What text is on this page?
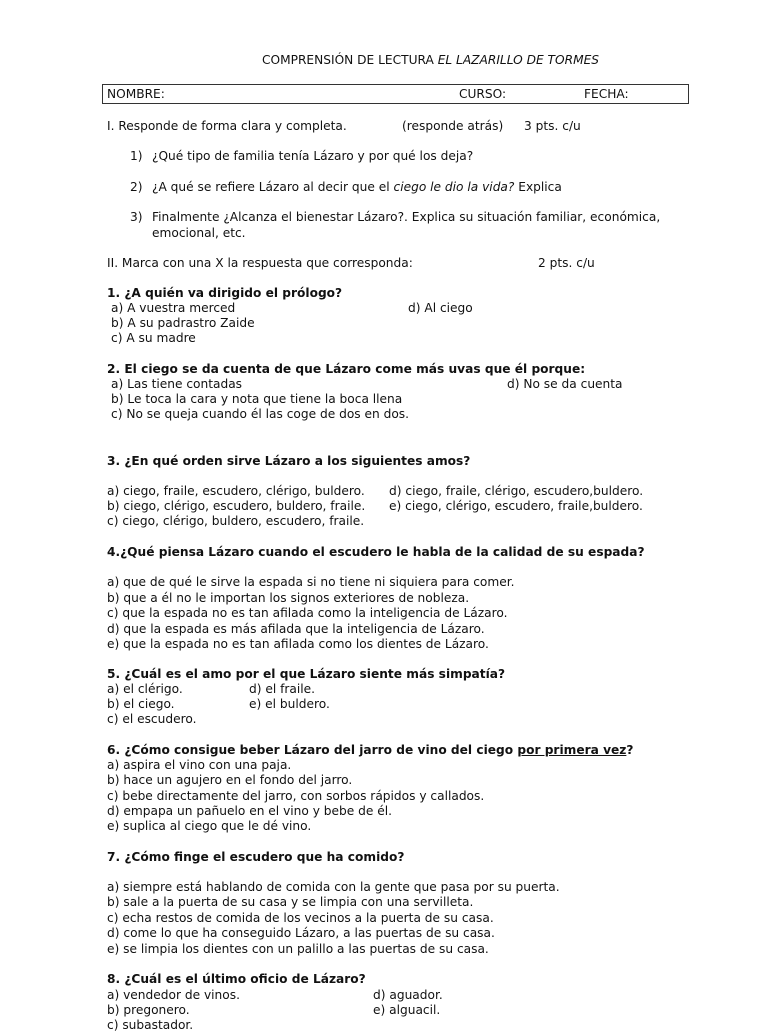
COMPRENSIÓN DE LECTURA EL LAZARILLO DE TORMES
NOMBRE:	CURSO:	FECHA:
I. Responde de forma clara y completa.	(responde atrás) 3 pts. c/u
1) ¿Qué tipo de familia tenía Lázaro y por qué los deja?
2) ¿A qué se refiere Lázaro al decir que el ciego le dio la vida? Explica
3) Finalmente ¿Alcanza el bienestar Lázaro?. Explica su situación familiar, económica,
emocional, etc.
II. Marca con una X la respuesta que corresponda:	2 pts. c/u
1. ¿A quién va dirigido el prólogo?
a) A vuestra merced	d) Al ciego
b) A su padrastro Zaide
c) A su madre
2. El ciego se da cuenta de que Lázaro come más uvas que él porque:
a) Las tiene contadas	d) No se da cuenta
b) Le toca la cara y nota que tiene la boca llena
c) No se queja cuando él las coge de dos en dos.
3. ¿En qué orden sirve Lázaro a los siguientes amos?
a) ciego, fraile, escudero, clérigo, buldero. d) ciego, fraile, clérigo, escudero,buldero.
b) ciego, clérigo, escudero, buldero, fraile. e) ciego, clérigo, escudero, fraile,buldero.
c) ciego, clérigo, buldero, escudero, fraile.
4.¿Qué piensa Lázaro cuando el escudero le habla de la calidad de su espada?
a) que de qué le sirve la espada si no tiene ni siquiera para comer.
b) que a él no le importan los signos exteriores de nobleza.
c) que la espada no es tan afilada como la inteligencia de Lázaro.
d) que la espada es más afilada que la inteligencia de Lázaro.
e) que la espada no es tan afilada como los dientes de Lázaro.
5. ¿Cuál es el amo por el que Lázaro siente más simpatía?
a) el clérigo.	d) el fraile.
b) el ciego.	e) el buldero.
c) el escudero.
6. ¿Cómo consigue beber Lázaro del jarro de vino del ciego por primera vez?
a) aspira el vino con una paja.
b) hace un agujero en el fondo del jarro.
c) bebe directamente del jarro, con sorbos rápidos y callados.
d) empapa un pañuelo en el vino y bebe de él.
e) suplica al ciego que le dé vino.
7. ¿Cómo finge el escudero que ha comido?
a) siempre está hablando de comida con la gente que pasa por su puerta.
b) sale a la puerta de su casa y se limpia con una servilleta.
c) echa restos de comida de los vecinos a la puerta de su casa.
d) come lo que ha conseguido Lázaro, a las puertas de su casa.
e) se limpia los dientes con un palillo a las puertas de su casa.
8. ¿Cuál es el último oficio de Lázaro?
a) vendedor de vinos.	d) aguador.
b) pregonero.	e) alguacil.
c) subastador.
